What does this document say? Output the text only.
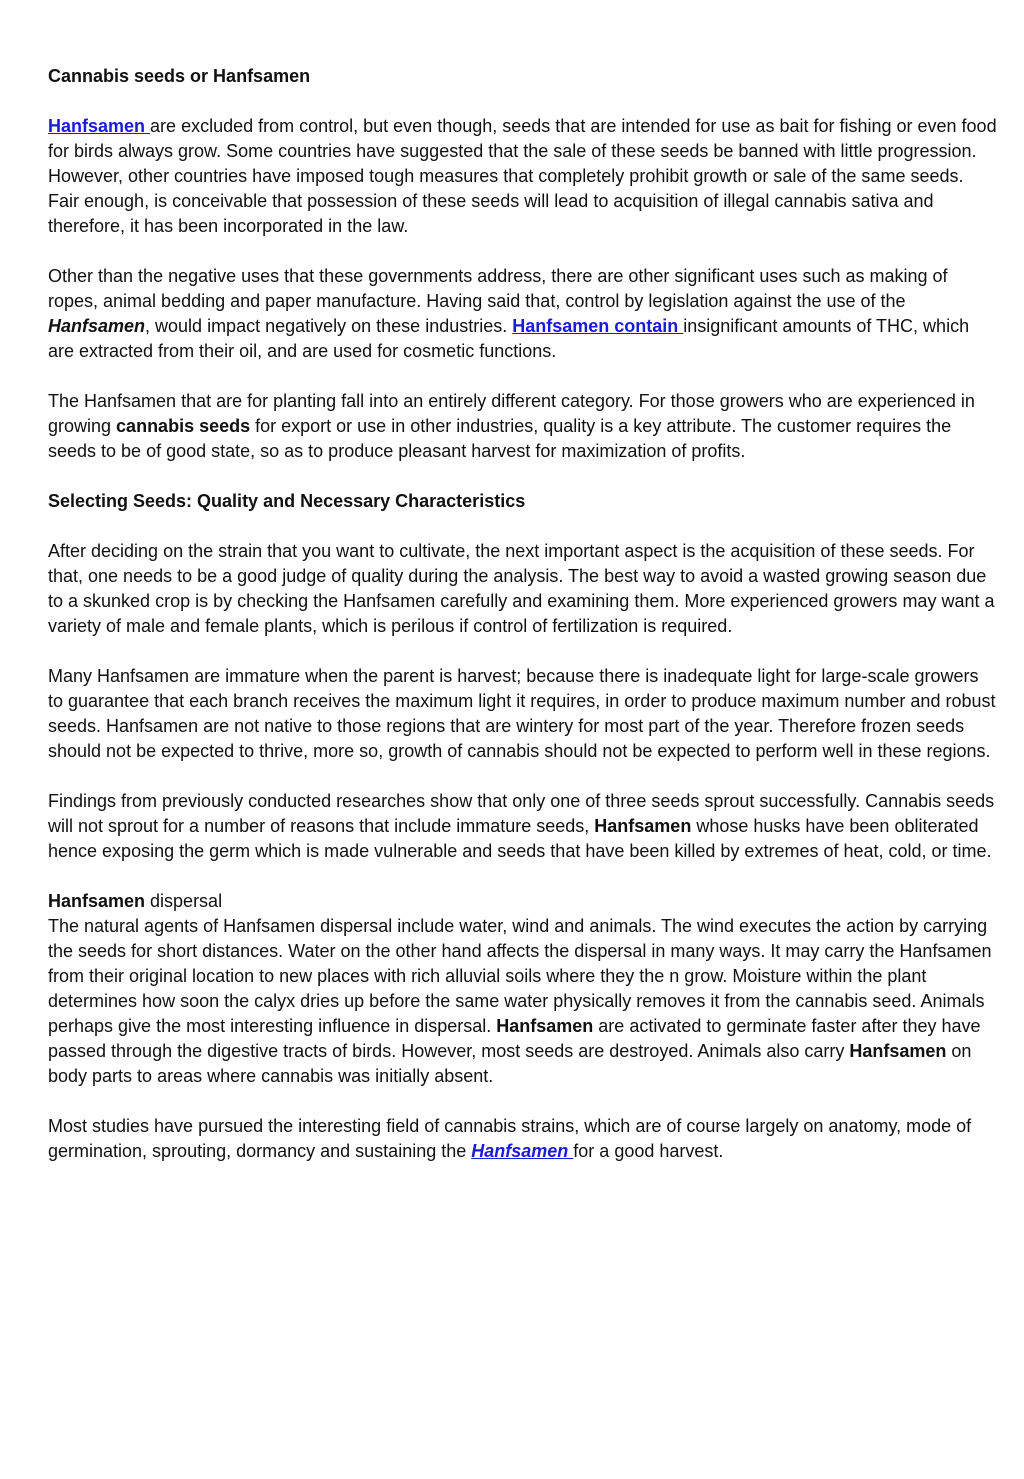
Cannabis seeds or Hanfsamen

Hanfsamen are excluded from control, but even though, seeds that are intended for use as bait for fishing or even food for birds always grow. Some countries have suggested that the sale of these seeds be banned with little progression. However, other countries have imposed tough measures that completely prohibit growth or sale of the same seeds. Fair enough, is conceivable that possession of these seeds will lead to acquisition of illegal cannabis sativa and therefore, it has been incorporated in the law.

Other than the negative uses that these governments address, there are other significant uses such as making of ropes, animal bedding and paper manufacture. Having said that, control by legislation against the use of the Hanfsamen, would impact negatively on these industries. Hanfsamen contain insignificant amounts of THC, which are extracted from their oil, and are used for cosmetic functions.

The Hanfsamen that are for planting fall into an entirely different category. For those growers who are experienced in growing cannabis seeds for export or use in other industries, quality is a key attribute. The customer requires the seeds to be of good state, so as to produce pleasant harvest for maximization of profits.

Selecting Seeds: Quality and Necessary Characteristics

After deciding on the strain that you want to cultivate, the next important aspect is the acquisition of these seeds. For that, one needs to be a good judge of quality during the analysis. The best way to avoid a wasted growing season due to a skunked crop is by checking the Hanfsamen carefully and examining them. More experienced growers may want a variety of male and female plants, which is perilous if control of fertilization is required.

Many Hanfsamen are immature when the parent is harvest; because there is inadequate light for large-scale growers to guarantee that each branch receives the maximum light it requires, in order to produce maximum number and robust seeds. Hanfsamen are not native to those regions that are wintery for most part of the year. Therefore frozen seeds should not be expected to thrive, more so, growth of cannabis should not be expected to perform well in these regions.

Findings from previously conducted researches show that only one of three seeds sprout successfully. Cannabis seeds will not sprout for a number of reasons that include immature seeds, Hanfsamen whose husks have been obliterated hence exposing the germ which is made vulnerable and seeds that have been killed by extremes of heat, cold, or time.

Hanfsamen dispersal

The natural agents of Hanfsamen dispersal include water, wind and animals. The wind executes the action by carrying the seeds for short distances. Water on the other hand affects the dispersal in many ways. It may carry the Hanfsamen from their original location to new places with rich alluvial soils where they the n grow. Moisture within the plant determines how soon the calyx dries up before the same water physically removes it from the cannabis seed. Animals perhaps give the most interesting influence in dispersal. Hanfsamen are activated to germinate faster after they have passed through the digestive tracts of birds. However, most seeds are destroyed. Animals also carry Hanfsamen on body parts to areas where cannabis was initially absent.

Most studies have pursued the interesting field of cannabis strains, which are of course largely on anatomy, mode of germination, sprouting, dormancy and sustaining the Hanfsamen for a good harvest.
